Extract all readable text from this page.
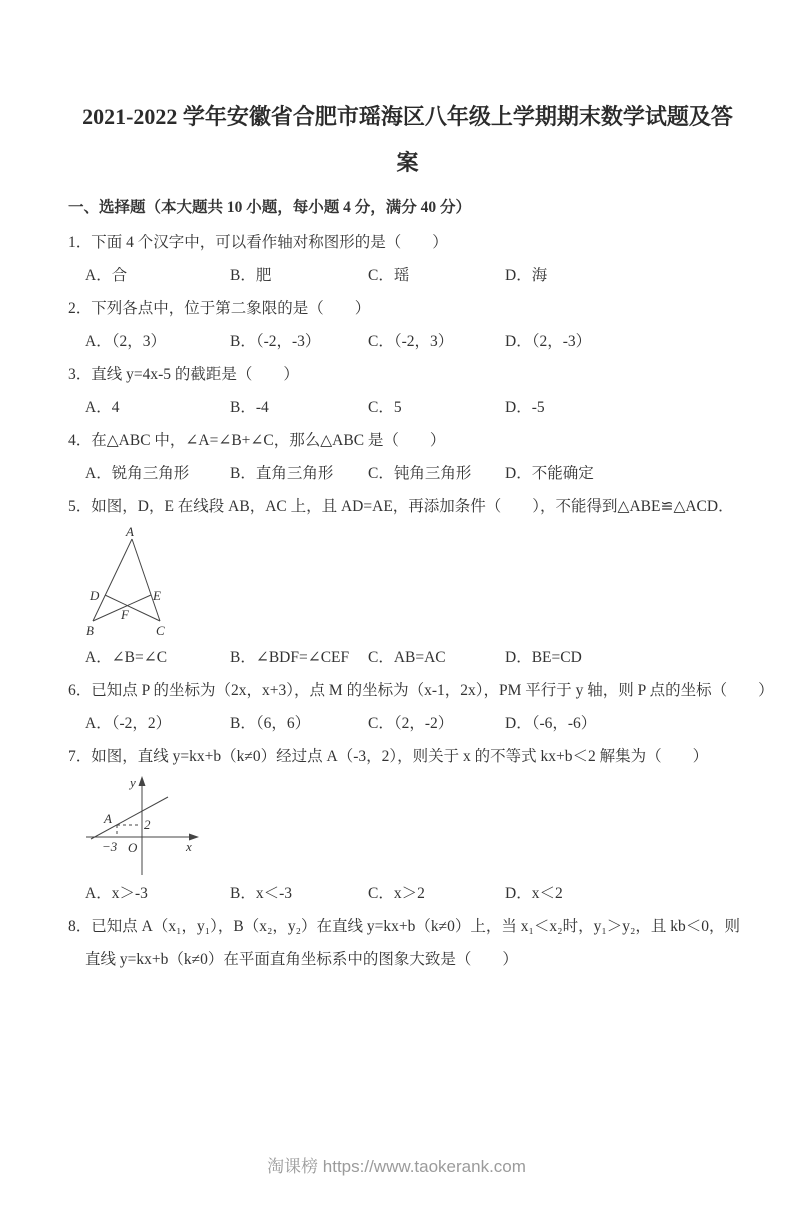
2021-2022 学年安徽省合肥市瑶海区八年级上学期期末数学试题及答
案

一、选择题（本大题共 10 小题，每小题 4 分，满分 40 分）

1．下面 4 个汉字中，可以看作轴对称图形的是（　　）

A．合	B．肥	C．瑶	D．海

2．下列各点中，位于第二象限的是（　　）

A．（2，3）	B．（-2，-3）	C．（-2，3）	D．（2，-3）

3．直线 y=4x-5 的截距是（　　）

A．4	B．-4	C．5	D．-5

4．在△ABC 中，∠A=∠B+∠C，那么△ABC 是（　　）

A．锐角三角形	B．直角三角形	C．钝角三角形	D．不能确定

5．如图，D，E 在线段 AB，AC 上，且 AD=AE，再添加条件（　　），不能得到△ABE≌△ACD．

A
B	C
D	E
F
A．∠B=∠C	B．∠BDF=∠CEF	C．AB=AC	D．BE=CD

6．已知点 P 的坐标为（2x，x+3），点 M 的坐标为（x-1，2x），PM 平行于 y 轴，则 P 点的坐标（　　）

A．（-2，2）	B．（6，6）	C．（2，-2）	D．（-6，-6）

7．如图，直线 y=kx+b（k≠0）经过点 A（-3，2），则关于 x 的不等式 kx+b＜2 解集为（　　）

y
x
O
A 2
−3
A．x＞-3	B．x＜-3	C．x＞2	D．x＜2

8．已知点 A（x₁，y₁），B（x₂，y₂）在直线 y=kx+b（k≠0）上，当 x₁＜x₂时，y₁＞y₂，且 kb＜0，则直线 y=kx+b（k≠0）在平面直角坐标系中的图象大致是（　　）

淘课榜 https://www.taokerank.com
